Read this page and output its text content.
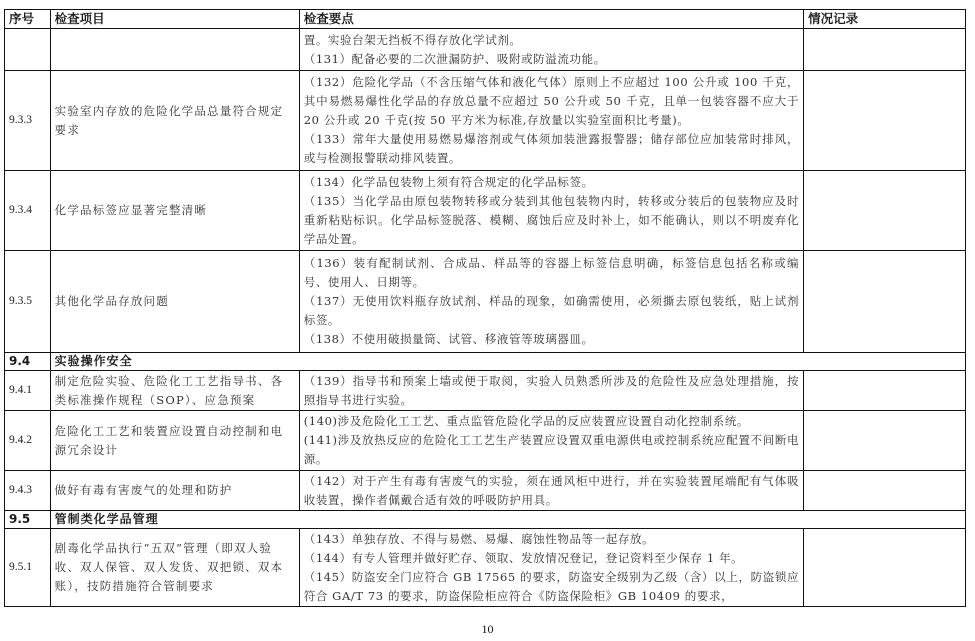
序号	检查项目	检查要点	情况记录

		置。实验台架无挡板不得存放化学试剂。

（131）配备必要的二次泄漏防护、吸附或防溢流功能。	

9.3.3	实验室内存放的危险化学品总量符合规定要求	（132）危险化学品（不含压缩气体和液化气体）原则上不应超过 100 公升或 100 千克，其中易燃易爆性化学品的存放总量不应超过 50 公升或 50 千克，且单一包装容器不应大于 20 公升或 20 千克(按 50 平方米为标准,存放量以实验室面积比考量)。

（133）常年大量使用易燃易爆溶剂或气体须加装泄露报警器；储存部位应加装常时排风，或与检测报警联动排风装置。	

9.3.4	化学品标签应显著完整清晰	（134）化学品包装物上须有符合规定的化学品标签。

（135）当化学品由原包装物转移或分装到其他包装物内时，转移或分装后的包装物应及时重新粘贴标识。化学品标签脱落、模糊、腐蚀后应及时补上，如不能确认，则以不明废弃化学品处置。	

9.3.5	其他化学品存放问题	（136）装有配制试剂、合成品、样品等的容器上标签信息明确，标签信息包括名称或编号、使用人、日期等。

（137）无使用饮料瓶存放试剂、样品的现象，如确需使用，必须撕去原包装纸，贴上试剂标签。

（138）不使用破损量筒、试管、移液管等玻璃器皿。	

9.4	实验操作安全		
9.4.1	制定危险实验、危险化工工艺指导书、各类标准操作规程（SOP）、应急预案	（139）指导书和预案上墙或便于取阅，实验人员熟悉所涉及的危险性及应急处理措施，按照指导书进行实验。	

9.4.2	危险化工工艺和装置应设置自动控制和电源冗余设计	(140)涉及危险化工工艺、重点监管危险化学品的反应装置应设置自动化控制系统。

(141)涉及放热反应的危险化工工艺生产装置应设置双重电源供电或控制系统应配置不间断电源。	

9.4.3	做好有毒有害废气的处理和防护	（142）对于产生有毒有害废气的实验，须在通风柜中进行，并在实验装置尾端配有气体吸收装置，操作者佩戴合适有效的呼吸防护用具。	

9.5	管制类化学品管理		
9.5.1	剧毒化学品执行“五双”管理（即双人验收、双人保管、双人发货、双把锁、双本账），技防措施符合管制要求	（143）单独存放、不得与易燃、易爆、腐蚀性物品等一起存放。

（144）有专人管理并做好贮存、领取、发放情况登记，登记资料至少保存 1 年。

（145）防盗安全门应符合 GB 17565 的要求，防盗安全级别为乙级（含）以上，防盗锁应符合 GA/T 73 的要求，防盗保险柜应符合《防盗保险柜》GB 10409 的要求，	

10
